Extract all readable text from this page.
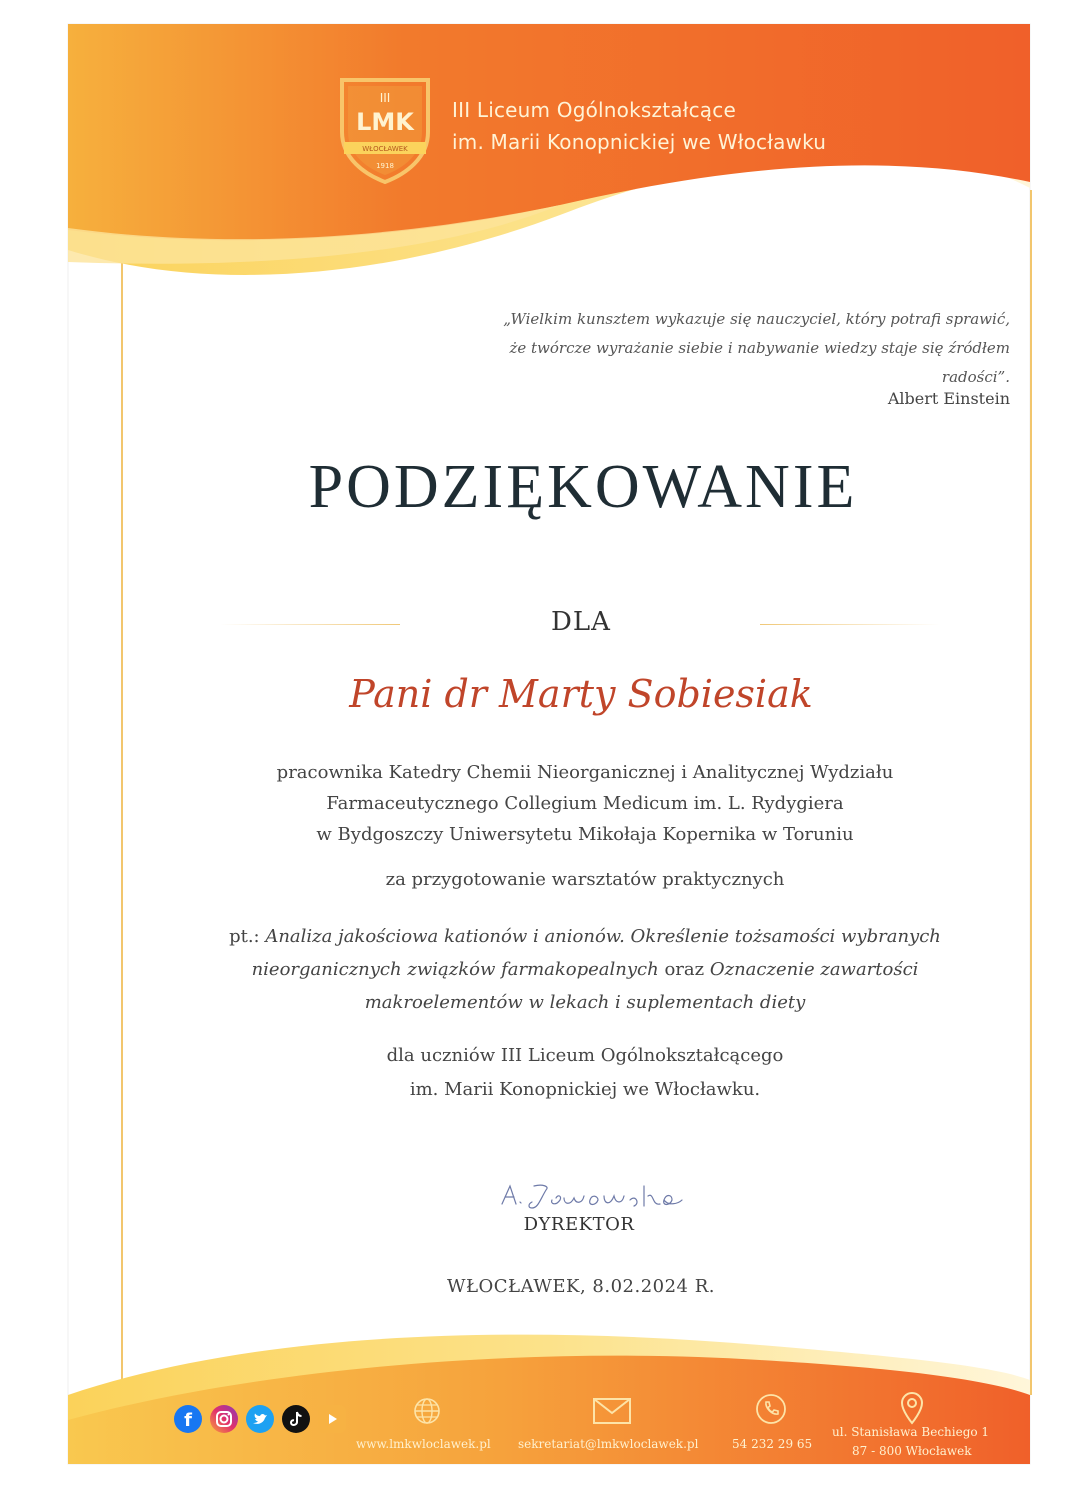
III
LMK
WŁOCŁAWEK
1918
III Liceum Ogólnokształcące
im. Marii Konopnickiej we Włocławku
„Wielkim kunsztem wykazuje się nauczyciel, który potrafi sprawić,
że twórcze wyrażanie siebie i nabywanie wiedzy staje się źródłem
radości”.
Albert Einstein
PODZIĘKOWANIE
DLA
Pani dr Marty Sobiesiak
pracownika Katedry Chemii Nieorganicznej i Analitycznej Wydziału
Farmaceutycznego Collegium Medicum im. L. Rydygiera
w Bydgoszczy Uniwersytetu Mikołaja Kopernika w Toruniu
za przygotowanie warsztatów praktycznych
pt.: Analiza jakościowa kationów i anionów. Określenie tożsamości wybranych
nieorganicznych związków farmakopealnych oraz Oznaczenie zawartości
makroelementów w lekach i suplementach diety
dla uczniów III Liceum Ogólnokształcącego
im. Marii Konopnickiej we Włocławku.
DYREKTOR
WŁOCŁAWEK, 8.02.2024 R.
f
www.lmkwloclawek.pl sekretariat@lmkwloclawek.pl	54 232 29 65
ul. Stanisława Bechiego 1
87 - 800 Włocławek
